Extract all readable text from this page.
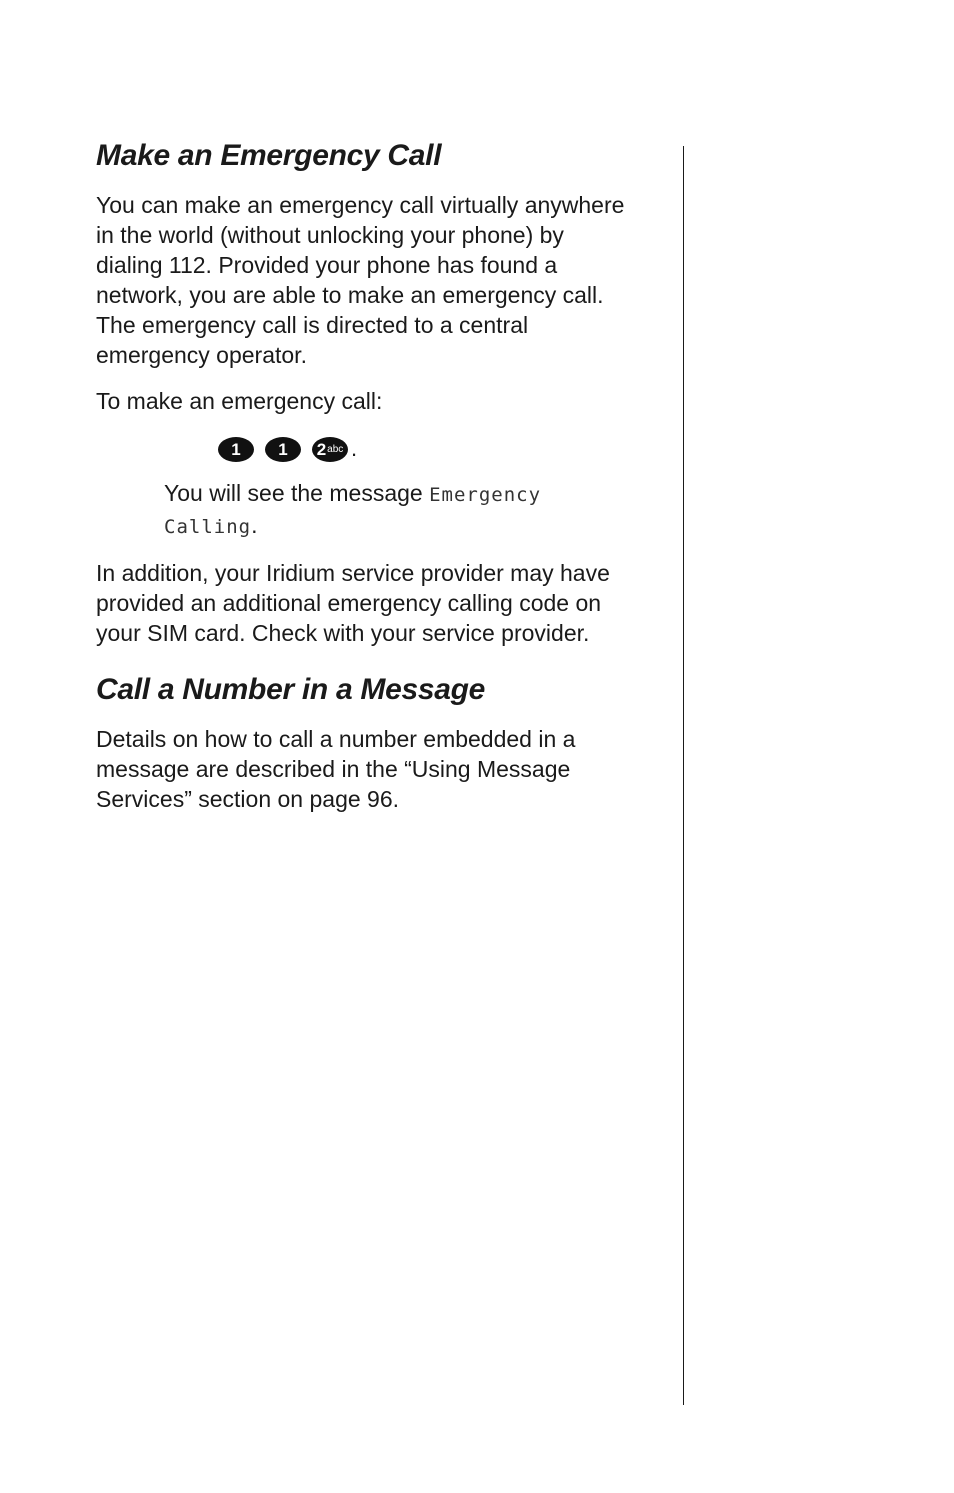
Make an Emergency Call

You can make an emergency call virtually anywhere
in the world (without unlocking your phone) by
dialing 112. Provided your phone has found a
network, you are able to make an emergency call.
The emergency call is directed to a central
emergency operator.

To make an emergency call:

1 1 2 abc .

You will see the message Emergency
Calling.

In addition, your Iridium service provider may have
provided an additional emergency calling code on
your SIM card. Check with your service provider.

Call a Number in a Message

Details on how to call a number embedded in a
message are described in the “Using Message
Services” section on page 96.
